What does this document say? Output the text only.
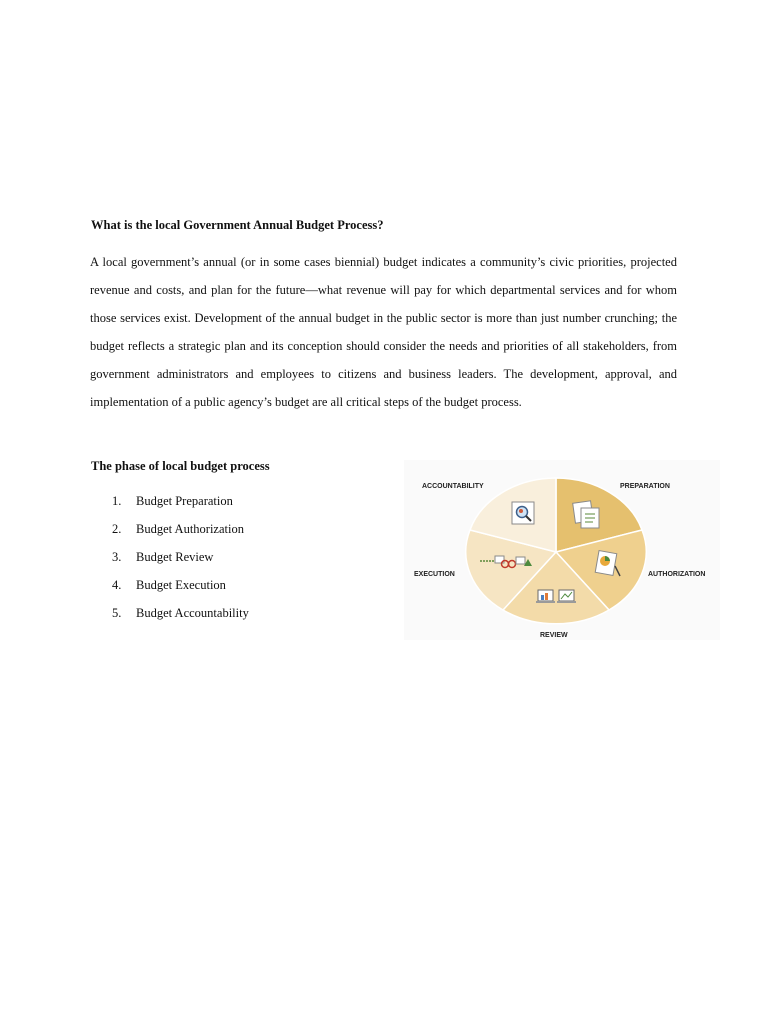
What is the local Government Annual Budget Process?

A local government’s annual (or in some cases biennial) budget indicates a community’s civic priorities, projected revenue and costs, and plan for the future—what revenue will pay for which departmental services and for whom those services exist. Development of the annual budget in the public sector is more than just number crunching; the budget reflects a strategic plan and its conception should consider the needs and priorities of all stakeholders, from government administrators and employees to citizens and business leaders. The development, approval, and implementation of a public agency’s budget are all critical steps of the budget process.

The phase of local budget process
1. Budget Preparation
2. Budget Authorization
3. Budget Review
4. Budget Execution
5. Budget Accountability
ACCOUNTABILITY	PREPARATION
AUTHORIZATION
EXECUTION
REVIEW
